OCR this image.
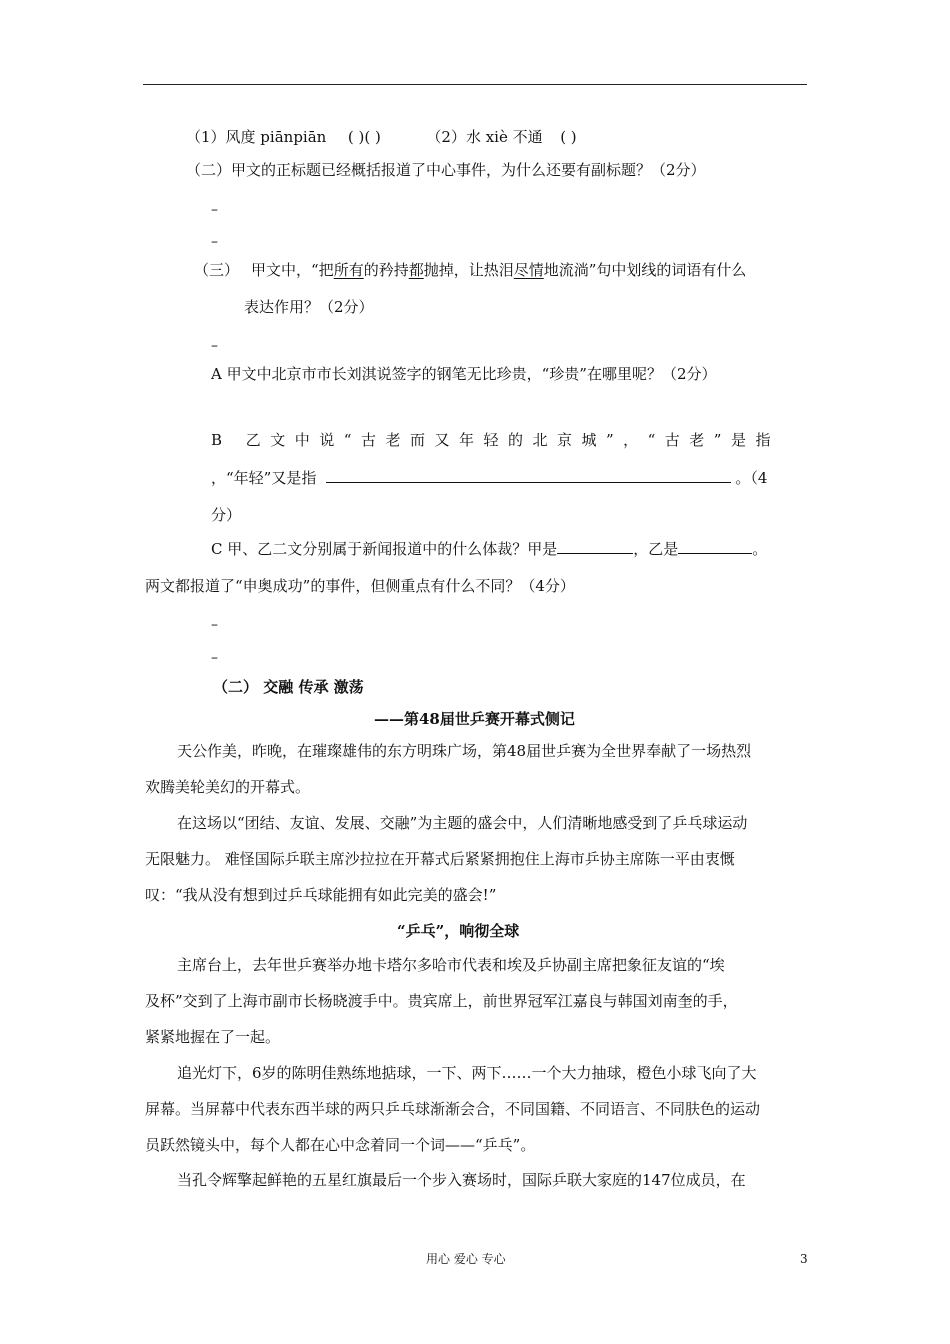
（1）风度 piānpiān ( )( )	（2）水 xiè 不通 ( )
（二）甲文的正标题已经概括报道了中心事件，为什么还要有副标题？（2分）
–
–
（三） 甲文中，“把所有的矜持都抛掉，让热泪尽情地流淌”句中划线的词语有什么
表达作用？（2分）
–
A 甲文中北京市市长刘淇说签字的钢笔无比珍贵，“珍贵”在哪里呢？（2分）
B 乙文中说“古老而又年轻的北京城”，“古老”是指
，“年轻”又是指	。（4
分）
C 甲、乙二文分别属于新闻报道中的什么体裁？甲是	，乙是	。
两文都报道了“申奥成功”的事件，但侧重点有什么不同？（4分）
–
–
（二） 交融 传承 激荡
——第48届世乒赛开幕式侧记
天公作美，昨晚，在璀璨雄伟的东方明珠广场，第48届世乒赛为全世界奉献了一场热烈
欢腾美轮美幻的开幕式。
在这场以“团结、友谊、发展、交融”为主题的盛会中，人们清晰地感受到了乒乓球运动
无限魅力。 难怪国际乒联主席沙拉拉在开幕式后紧紧拥抱住上海市乒协主席陈一平由衷慨
叹：“我从没有想到过乒乓球能拥有如此完美的盛会!”
“乒乓”，响彻全球
主席台上，去年世乒赛举办地卡塔尔多哈市代表和埃及乒协副主席把象征友谊的“埃
及杯”交到了上海市副市长杨晓渡手中。贵宾席上，前世界冠军江嘉良与韩国刘南奎的手，
紧紧地握在了一起。
追光灯下，6岁的陈明佳熟练地掂球，一下、两下……一个大力抽球，橙色小球飞向了大
屏幕。当屏幕中代表东西半球的两只乒乓球渐渐会合，不同国籍、不同语言、不同肤色的运动
员跃然镜头中，每个人都在心中念着同一个词——“乒乓”。
当孔令辉擎起鲜艳的五星红旗最后一个步入赛场时，国际乒联大家庭的147位成员，在
用心 爱心 专心	3
